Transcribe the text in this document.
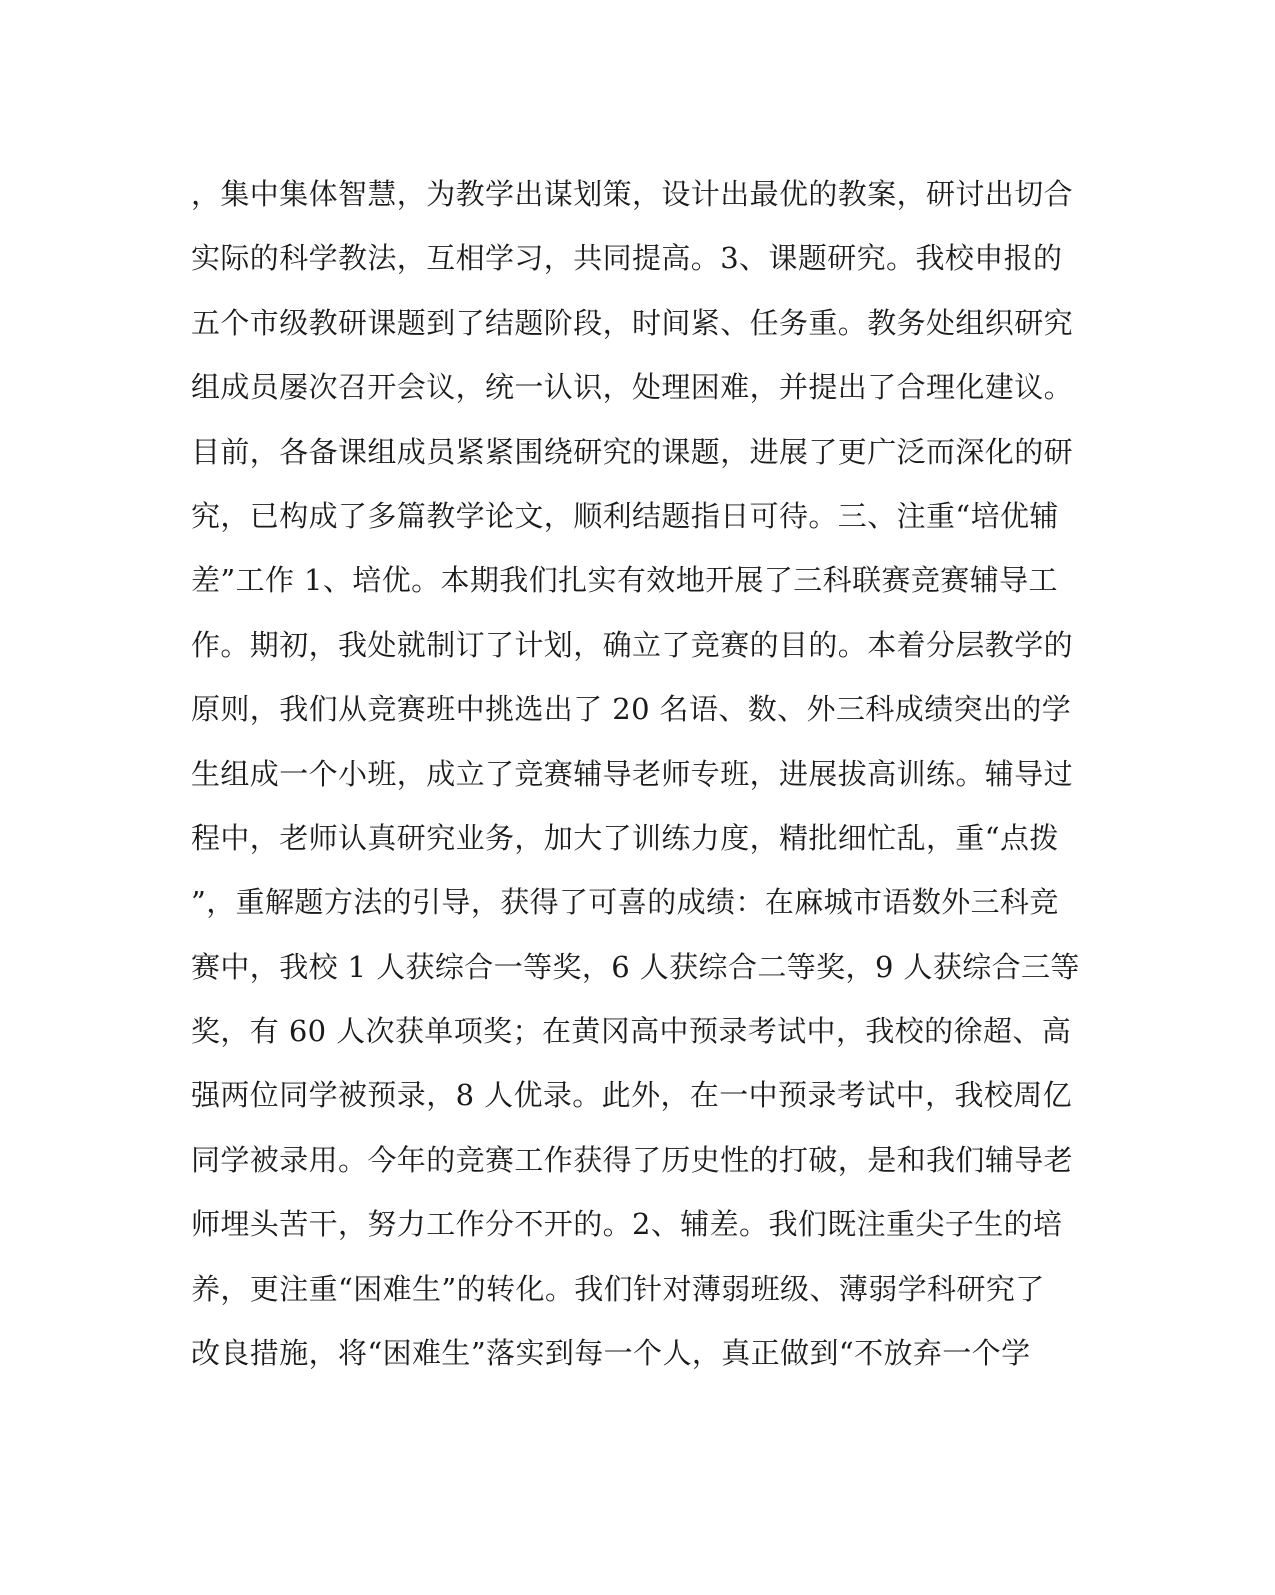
，集中集体智慧，为教学出谋划策，设计出最优的教案，研讨出切合
实际的科学教法，互相学习，共同提高。3、课题研究。我校申报的
五个市级教研课题到了结题阶段，时间紧、任务重。教务处组织研究
组成员屡次召开会议，统一认识，处理困难，并提出了合理化建议。
目前，各备课组成员紧紧围绕研究的课题，进展了更广泛而深化的研
究，已构成了多篇教学论文，顺利结题指日可待。三、注重“培优辅
差”工作 1、培优。本期我们扎实有效地开展了三科联赛竞赛辅导工
作。期初，我处就制订了计划，确立了竞赛的目的。本着分层教学的
原则，我们从竞赛班中挑选出了 20 名语、数、外三科成绩突出的学
生组成一个小班，成立了竞赛辅导老师专班，进展拔高训练。辅导过
程中，老师认真研究业务，加大了训练力度，精批细忙乱，重“点拨
”，重解题方法的引导，获得了可喜的成绩：在麻城市语数外三科竞
赛中，我校 1 人获综合一等奖，6 人获综合二等奖，9 人获综合三等
奖，有 60 人次获单项奖；在黄冈高中预录考试中，我校的徐超、高
强两位同学被预录，8 人优录。此外，在一中预录考试中，我校周亿
同学被录用。今年的竞赛工作获得了历史性的打破，是和我们辅导老
师埋头苦干，努力工作分不开的。2、辅差。我们既注重尖子生的培
养，更注重“困难生”的转化。我们针对薄弱班级、薄弱学科研究了
改良措施，将“困难生”落实到每一个人，真正做到“不放弃一个学
